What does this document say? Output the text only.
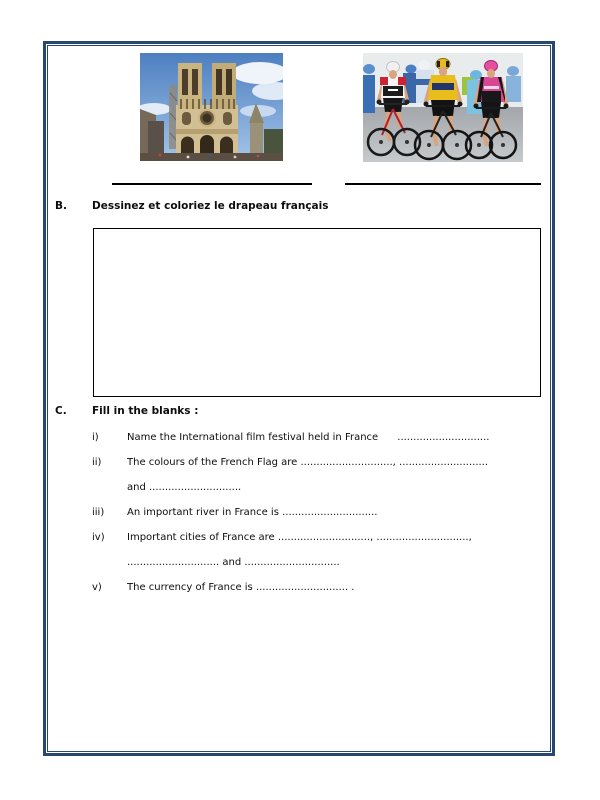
B. Dessinez et coloriez le drapeau français
C. Fill in the blanks :
i)	Name the International film festival held in France      .............................
ii)	The colours of the French Flag are ............................., ............................
and .............................
iii)	An important river in France is ..............................
iv)	Important cities of France are ............................., .............................,
............................. and ..............................
v)	The currency of France is ............................. .
